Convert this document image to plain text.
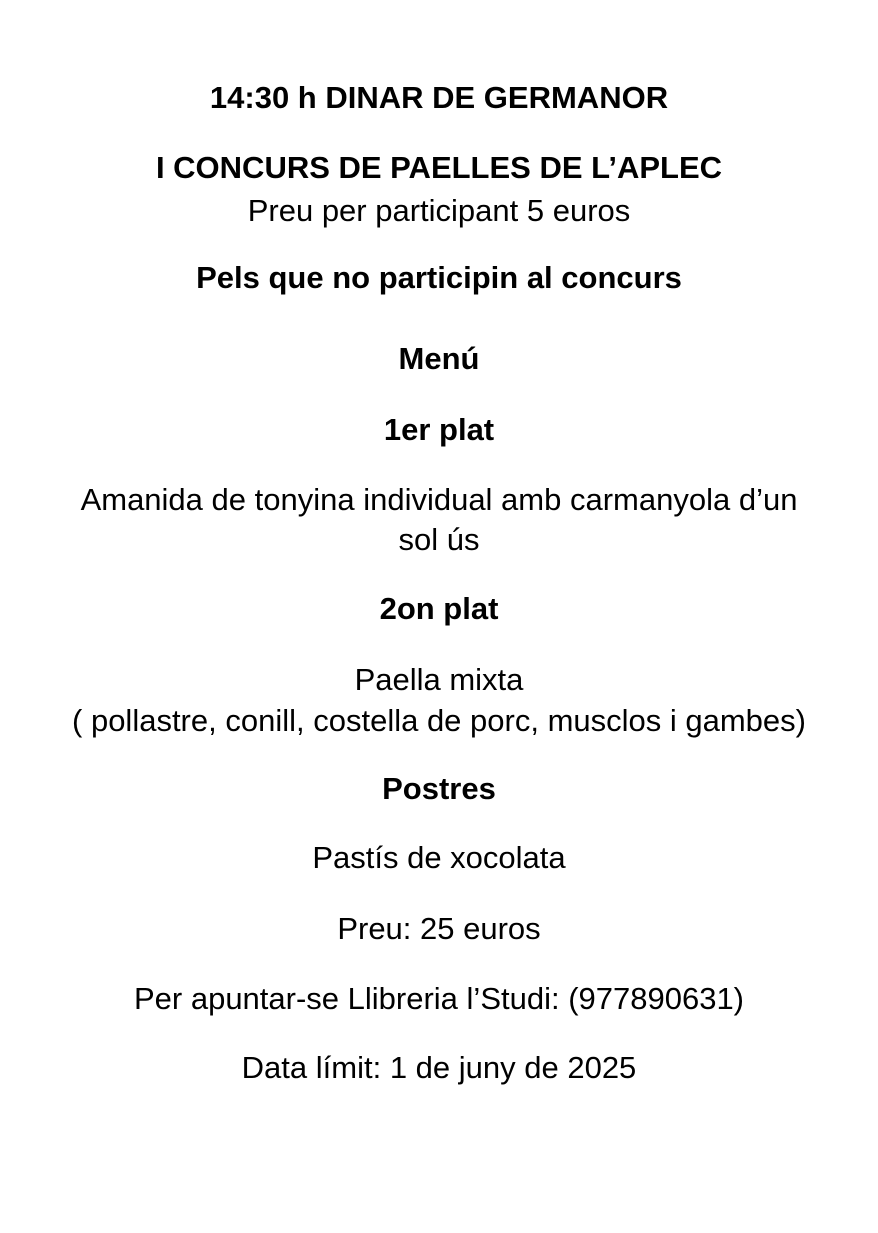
14:30 h DINAR DE GERMANOR
I CONCURS DE PAELLES DE L’APLEC
Preu per participant 5 euros
Pels que no participin al concurs
Menú
1er plat
Amanida de tonyina individual amb carmanyola d’un
sol ús
2on plat
Paella mixta
( pollastre, conill, costella de porc, musclos i gambes)
Postres
Pastís de xocolata
Preu: 25 euros
Per apuntar-se Llibreria l’Studi: (977890631)
Data límit: 1 de juny de 2025
